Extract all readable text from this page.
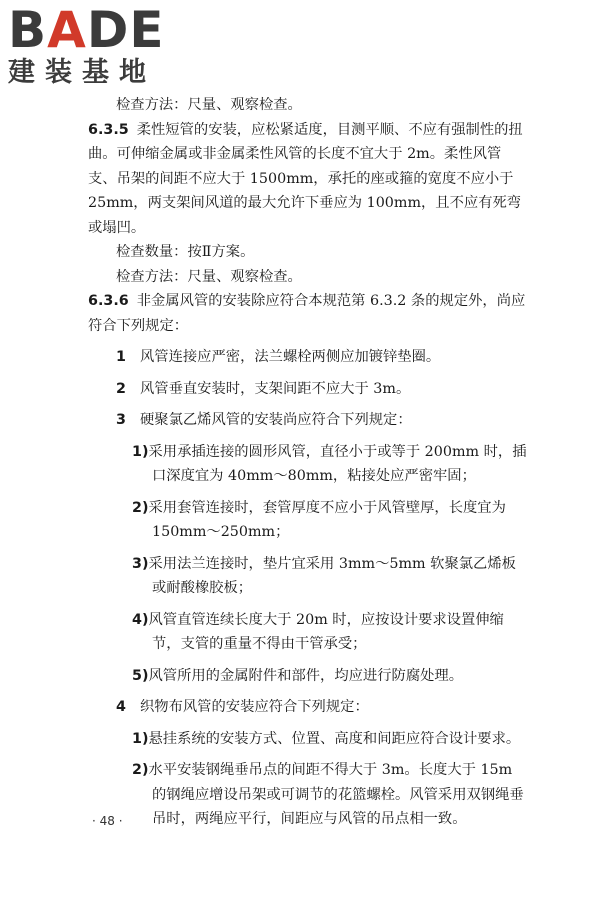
BADE
建装基地

检查方法：尺量、观察检查。

6.3.5 柔性短管的安装，应松紧适度，目测平顺、不应有强制性的扭曲。可伸缩金属或非金属柔性风管的长度不宜大于 2m。柔性风管支、吊架的间距不应大于 1500mm，承托的座或箍的宽度不应小于 25mm，两支架间风道的最大允许下垂应为 100mm，且不应有死弯或塌凹。

检查数量：按Ⅱ方案。

检查方法：尺量、观察检查。

6.3.6 非金属风管的安装除应符合本规范第 6.3.2 条的规定外，尚应符合下列规定：

1 风管连接应严密，法兰螺栓两侧应加镀锌垫圈。

2 风管垂直安装时，支架间距不应大于 3m。

3 硬聚氯乙烯风管的安装尚应符合下列规定：

1)采用承插连接的圆形风管，直径小于或等于 200mm 时，插口深度宜为 40mm～80mm，粘接处应严密牢固；

2)采用套管连接时，套管厚度不应小于风管壁厚，长度宜为 150mm～250mm；

3)采用法兰连接时，垫片宜采用 3mm～5mm 软聚氯乙烯板或耐酸橡胶板；

4)风管直管连续长度大于 20m 时，应按设计要求设置伸缩节，支管的重量不得由干管承受；

5)风管所用的金属附件和部件，均应进行防腐处理。

4 织物布风管的安装应符合下列规定：

1)悬挂系统的安装方式、位置、高度和间距应符合设计要求。

2)水平安装钢绳垂吊点的间距不得大于 3m。长度大于 15m 的钢绳应增设吊架或可调节的花篮螺栓。风管采用双钢绳垂吊时，两绳应平行，间距应与风管的吊点相一致。

· 48 ·
